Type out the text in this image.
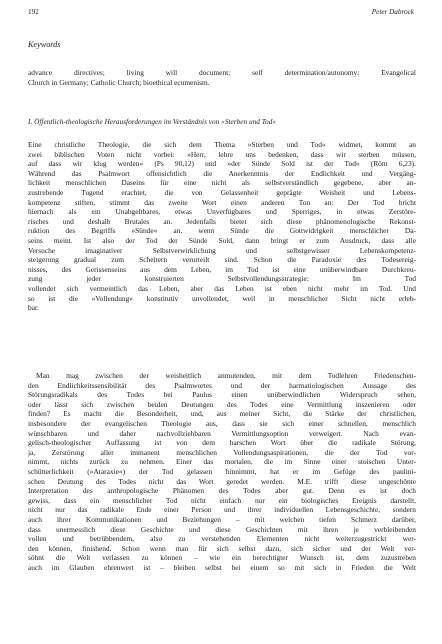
192	Peter Dabrock
Keywords
advance directives; living will document; self determination/autonomy; Evangelical
Church in Germany; Catholic Church; bioethical ecumenism.
I. Öffentlich-theologische Herausforderungen im Verständnis von »Sterben und Tod«
Eine christliche Theologie, die sich dem Thema »Sterben und Tod« widmet, kommt an
zwei biblischen Voten nicht vorbei: »Herr, lehre uns bedenken, dass wir sterben müssen,
auf dass wir klug werden« (Ps 90,12) und »der Sünde Sold ist der Tod« (Röm 6,23).
Während das Psalmwort offensichtlich die Anerkenntnis der Endlichkeit und Vergäng-
lichkeit menschlichen Daseins für eine nicht als selbstverständlich gegebene, aber an-
zustrebende Tugend erachtet, die von Gelassenheit geprägte Weisheit und Lebens-
kompetenz stiften, stimmt das zweite Wort einen anderen Ton an: Der Tod bricht
hiernach als ein Unabgeltbares, etwas Unverfügbares und Sperriges, in etwas Zerstöre-
risches und deshalb Brutales an. Jedenfalls bietet sich diese phänomenologische Rekonst-
ruktion des Begriffs »Sünde« an, wenn Sünde die Gottwidrigkeit menschlicher Da-
seins meint. Ist also der Tod der Sünde Sold, dann bringt er zum Ausdruck, dass alle
Versuche imaginativer Selbstverwirklichung und selbstgewisser Lebenskompetenz-
steigerung gradual zum Scheitern verurteilt sind. Schon die Paradoxie des Todesereig-
nisses, des Gerissenseins aus dem Leben, im Tod ist eine unüberwindbare Durchkreu-
zung jeder konstruierten Selbstvollendungsstrategie: Im Tod
vollendet sich vermeintlich das Leben, aber das Leben ist eben nicht mehr im Tod. Und
so ist die »Vollendung« konstitutiv unvollendet, weil in menschlicher Sicht nicht erleb-
bar.
Man mag zwischen der weisheitlich anmutenden, mit dem Todlehren Friedenschen-
den Endlichkeitssensibilität des Psalmwortes und der harmatiologischen Aussage des
Störungsradikals des Todes bei Paulus einen unüberwindlichen Widerspruch sehen,
oder lässt sich zwischen beiden Deutungen des Todes eine Vermittlung inszenieren oder
finden? Es macht die Besonderheit, und, aus meiner Sicht, die Stärke der christlichen,
insbesondere der evangelischen Theologie aus, dass sie sich einer schnellen, menschlich
wünschbaren und daher nachvollziehbaren Vermittlungsoption verweigert. Nach evan-
gelisch-theologischer Auffassung ist von dem harschen Wort über die radikale Störung,
ja, Zerstörung aller immanent menschlichen Vollendungsaspirationen, die der Tod vor-
nimmt, nichts zurück zu nehmen. Einer das mortalen, die im Sinne einer stoischen Unter-
schütterlichkeit (»Ataraxie«) der Tod gelassen hinnimmt, hat er im Gefüge des paulini-
schen Deutung des Todes nicht das Wort geredet werden. M.E. trifft diese ungeschönte
Interpretation des anthropologische Phänomen des Todes aber gut. Denn es ist doch
gewiss, dass ein menschlicher Tod nicht einfach nur ein biologisches Ereignis darstellt,
nicht nur das radikale Ende einer Person und ihrer individuellen Lebensgeschichte, sondern
auch ihrer Kommunikationen und Beziehungen – mit welchen tiefen Schmerz darüber,
dass unermesslich diese Geschichte und diese Geschichten mit ihren je verbleibenden
vollen und betrübbendem, also zu verstehenden Elementen nicht weiterzugestrickt wer-
den können, finishend. Schon wenn man für sich selbst dazu, sich sicher und der Welt ver-
söhnt die Welt verlassen zu können – wie ein berechtigter Wunsch ist, dem zuzustreben
auch im Glauben ehrenwert ist – bleiben selbst bei einem so mit sich in Frieden die Welt
